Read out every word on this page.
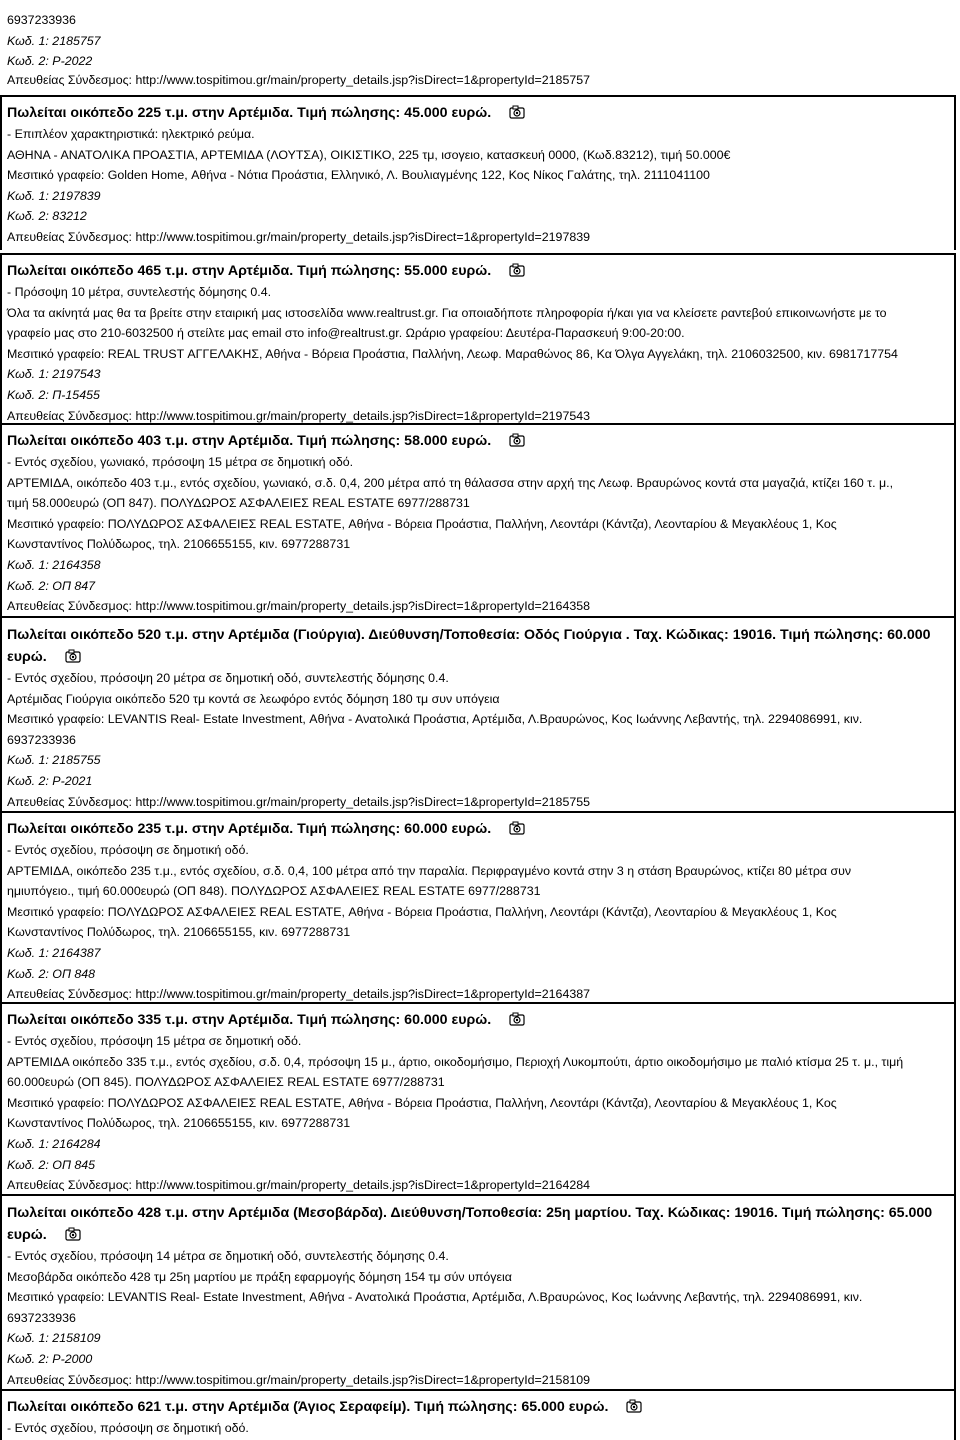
6937233936
Κωδ. 1: 2185757
Κωδ. 2: Ρ-2022
Απευθείας Σύνδεσμος: http://www.tospitimou.gr/main/property_details.jsp?isDirect=1&propertyId=2185757
Πωλείται οικόπεδο 225 τ.μ. στην Αρτέμιδα. Τιμή πώλησης: 45.000 ευρώ.
- Επιπλέον χαρακτηριστικά: ηλεκτρικό ρεύμα.
ΑΘΗΝΑ - ΑΝΑΤΟΛΙΚΑ ΠΡΟΑΣΤΙΑ, ΑΡΤΕΜΙΔΑ (ΛΟΥΤΣΑ), ΟΙΚΙΣΤΙΚΟ, 225 τμ, ισογειο, κατασκευή 0000, (Κωδ.83212), τιμή 50.000€
Μεσιτικό γραφείο: Golden Home, Αθήνα - Νότια Προάστια, Ελληνικό, Λ. Βουλιαγμένης 122, Κος Νίκος Γαλάτης, τηλ. 2111041100
Κωδ. 1: 2197839
Κωδ. 2: 83212
Απευθείας Σύνδεσμος: http://www.tospitimou.gr/main/property_details.jsp?isDirect=1&propertyId=2197839
Πωλείται οικόπεδο 465 τ.μ. στην Αρτέμιδα. Τιμή πώλησης: 55.000 ευρώ.
- Πρόσοψη 10 μέτρα, συντελεστής δόμησης 0.4.
Όλα τα ακίνητά μας θα τα βρείτε στην εταιρική μας ιστοσελίδα www.realtrust.gr. Για οποιαδήποτε πληροφορία ή/και για να κλείσετε ραντεβού επικοινωνήστε με το
γραφείο μας στο 210-6032500 ή στείλτε μας email στο info@realtrust.gr. Ωράριο γραφείου: Δευτέρα-Παρασκευή 9:00-20:00.
Μεσιτικό γραφείο: REAL TRUST ΑΓΓΕΛΑΚΗΣ, Αθήνα - Βόρεια Προάστια, Παλλήνη, Λεωφ. Μαραθώνος 86, Κα Όλγα Αγγελάκη, τηλ. 2106032500, κιν. 6981717754
Κωδ. 1: 2197543
Κωδ. 2: Π-15455
Απευθείας Σύνδεσμος: http://www.tospitimou.gr/main/property_details.jsp?isDirect=1&propertyId=2197543
Πωλείται οικόπεδο 403 τ.μ. στην Αρτέμιδα. Τιμή πώλησης: 58.000 ευρώ.
- Εντός σχεδίου, γωνιακό, πρόσοψη 15 μέτρα σε δημοτική οδό.
ΑΡΤΕΜΙΔΑ, οικόπεδο 403 τ.μ., εντός σχεδίου, γωνιακό, σ.δ. 0,4, 200 μέτρα από τη θάλασσα στην αρχή της Λεωφ. Βραυρώνος κοντά στα μαγαζιά, κτίζει 160 τ. μ.,
τιμή 58.000ευρώ (ΟΠ 847). ΠΟΛΥΔΩΡΟΣ ΑΣΦΑΛΕΙΕΣ REAL ESTATE 6977/288731
Μεσιτικό γραφείο: ΠΟΛΥΔΩΡΟΣ ΑΣΦΑΛΕΙΕΣ REAL ESTATE, Αθήνα - Βόρεια Προάστια, Παλλήνη, Λεοντάρι (Κάντζα), Λεονταρίου & Μεγακλέους 1, Κος
Κωνσταντίνος Πολύδωρος, τηλ. 2106655155, κιν. 6977288731
Κωδ. 1: 2164358
Κωδ. 2: ΟΠ 847
Απευθείας Σύνδεσμος: http://www.tospitimou.gr/main/property_details.jsp?isDirect=1&propertyId=2164358
Πωλείται οικόπεδο 520 τ.μ. στην Αρτέμιδα (Γιούργια). Διεύθυνση/Τοποθεσία: Οδός Γιούργια . Ταχ. Κώδικας: 19016. Τιμή πώλησης: 60.000 ευρώ.
- Εντός σχεδίου, πρόσοψη 20 μέτρα σε δημοτική οδό, συντελεστής δόμησης 0.4.
Αρτέμιδας Γιούργια οικόπεδο 520 τμ κοντά σε λεωφόρο εντός δόμηση 180 τμ συν υπόγεια
Μεσιτικό γραφείο: LEVANTIS Real- Estate Investment, Αθήνα - Ανατολικά Προάστια, Αρτέμιδα, Λ.Βραυρώνος, Κος Ιωάννης Λεβαντής, τηλ. 2294086991, κιν.
6937233936
Κωδ. 1: 2185755
Κωδ. 2: Ρ-2021
Απευθείας Σύνδεσμος: http://www.tospitimou.gr/main/property_details.jsp?isDirect=1&propertyId=2185755
Πωλείται οικόπεδο 235 τ.μ. στην Αρτέμιδα. Τιμή πώλησης: 60.000 ευρώ.
- Εντός σχεδίου, πρόσοψη σε δημοτική οδό.
ΑΡΤΕΜΙΔΑ, οικόπεδο 235 τ.μ., εντός σχεδίου, σ.δ. 0,4, 100 μέτρα από την παραλία. Περιφραγμένο κοντά στην 3 η στάση Βραυρώνος, κτίζει 80 μέτρα συν
ημιυπόγειο., τιμή 60.000ευρώ (ΟΠ 848). ΠΟΛΥΔΩΡΟΣ ΑΣΦΑΛΕΙΕΣ REAL ESTATE 6977/288731
Μεσιτικό γραφείο: ΠΟΛΥΔΩΡΟΣ ΑΣΦΑΛΕΙΕΣ REAL ESTATE, Αθήνα - Βόρεια Προάστια, Παλλήνη, Λεοντάρι (Κάντζα), Λεονταρίου & Μεγακλέους 1, Κος
Κωνσταντίνος Πολύδωρος, τηλ. 2106655155, κιν. 6977288731
Κωδ. 1: 2164387
Κωδ. 2: ΟΠ 848
Απευθείας Σύνδεσμος: http://www.tospitimou.gr/main/property_details.jsp?isDirect=1&propertyId=2164387
Πωλείται οικόπεδο 335 τ.μ. στην Αρτέμιδα. Τιμή πώλησης: 60.000 ευρώ.
- Εντός σχεδίου, πρόσοψη 15 μέτρα σε δημοτική οδό.
ΑΡΤΕΜΙΔΑ οικόπεδο 335 τ.μ., εντός σχεδίου, σ.δ. 0,4, πρόσοψη 15 μ., άρτιο, οικοδομήσιμο, Περιοχή Λυκομπούτι, άρτιο οικοδομήσιμο με παλιό κτίσμα 25 τ. μ., τιμή
60.000ευρώ (ΟΠ 845). ΠΟΛΥΔΩΡΟΣ ΑΣΦΑΛΕΙΕΣ REAL ESTATE 6977/288731
Μεσιτικό γραφείο: ΠΟΛΥΔΩΡΟΣ ΑΣΦΑΛΕΙΕΣ REAL ESTATE, Αθήνα - Βόρεια Προάστια, Παλλήνη, Λεοντάρι (Κάντζα), Λεονταρίου & Μεγακλέους 1, Κος
Κωνσταντίνος Πολύδωρος, τηλ. 2106655155, κιν. 6977288731
Κωδ. 1: 2164284
Κωδ. 2: ΟΠ 845
Απευθείας Σύνδεσμος: http://www.tospitimou.gr/main/property_details.jsp?isDirect=1&propertyId=2164284
Πωλείται οικόπεδο 428 τ.μ. στην Αρτέμιδα (Μεσοβάρδα). Διεύθυνση/Τοποθεσία: 25η μαρτίου. Ταχ. Κώδικας: 19016. Τιμή πώλησης: 65.000 ευρώ.
- Εντός σχεδίου, πρόσοψη 14 μέτρα σε δημοτική οδό, συντελεστής δόμησης 0.4.
Μεσοβάρδα οικόπεδο 428 τμ 25η μαρτίου με πράξη εφαρμογής δόμηση 154 τμ σύν υπόγεια
Μεσιτικό γραφείο: LEVANTIS Real- Estate Investment, Αθήνα - Ανατολικά Προάστια, Αρτέμιδα, Λ.Βραυρώνος, Κος Ιωάννης Λεβαντής, τηλ. 2294086991, κιν.
6937233936
Κωδ. 1: 2158109
Κωδ. 2: Ρ-2000
Απευθείας Σύνδεσμος: http://www.tospitimou.gr/main/property_details.jsp?isDirect=1&propertyId=2158109
Πωλείται οικόπεδο 621 τ.μ. στην Αρτέμιδα (Άγιος Σεραφείμ). Τιμή πώλησης: 65.000 ευρώ.
- Εντός σχεδίου, πρόσοψη σε δημοτική οδό.
